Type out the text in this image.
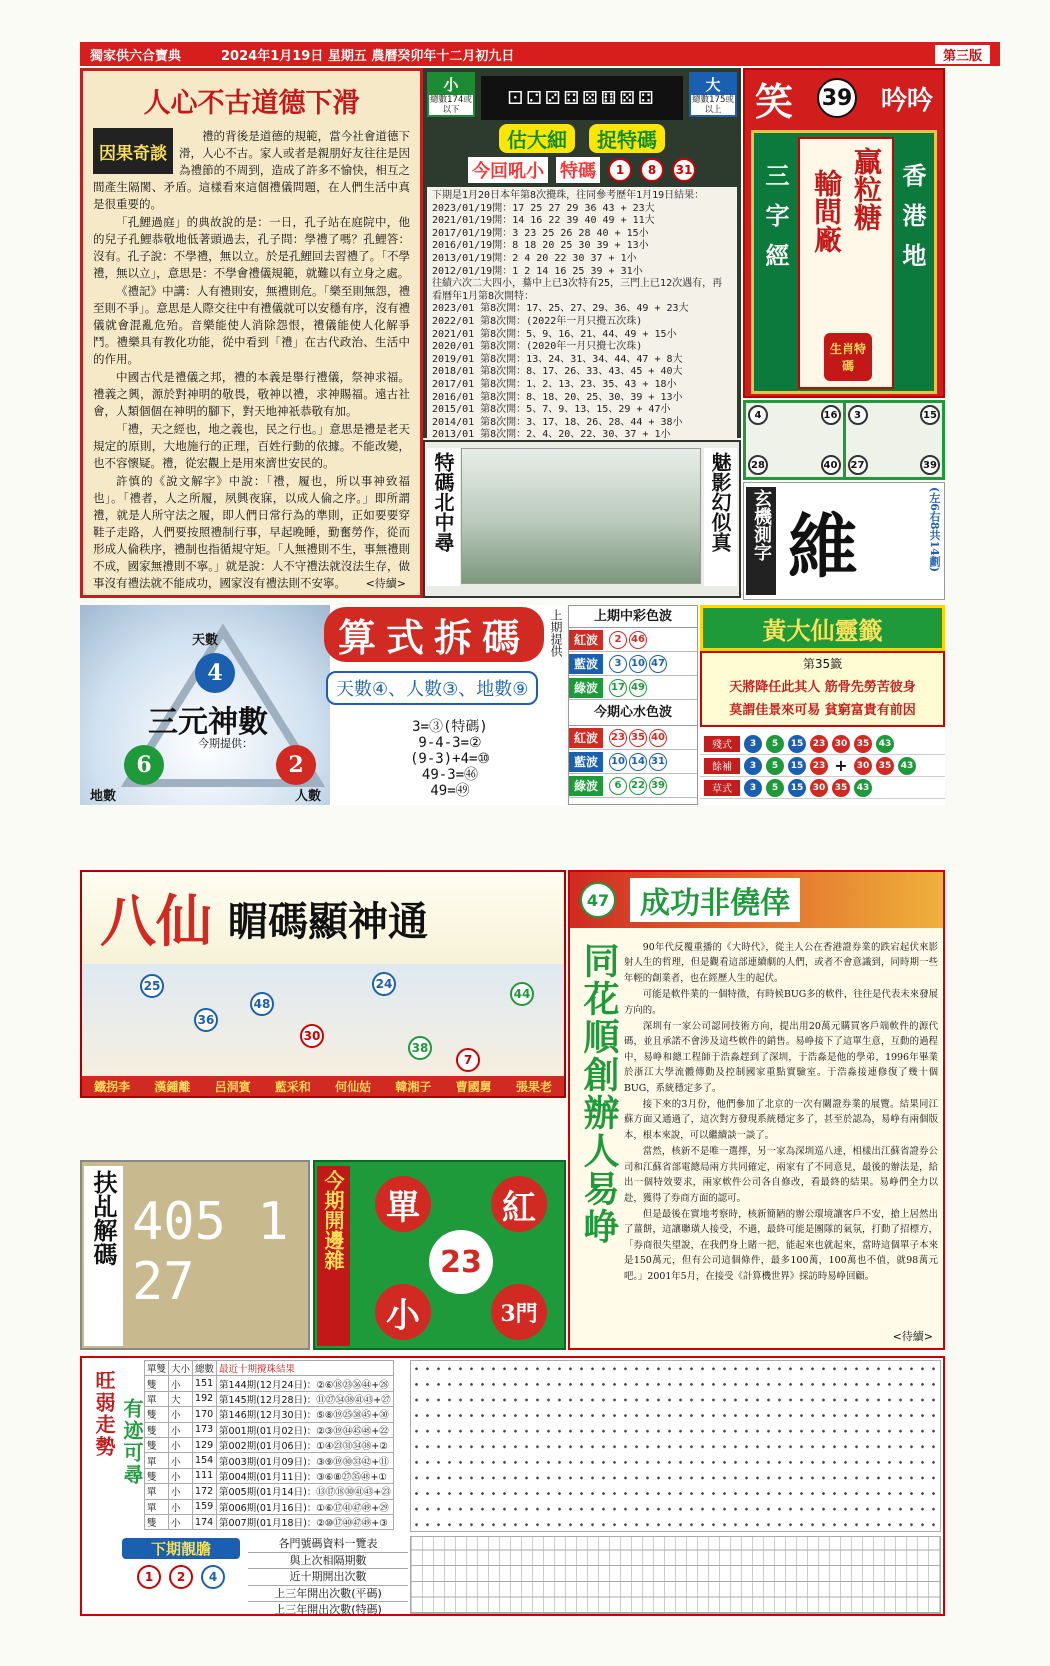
獨家供六合寶典	2024年1月19日 星期五 農曆癸卯年十二月初九日	第三版
人心不古道德下滑
因果奇談

禮的背後是道德的規範，當今社會道德下滑，人心不古。家人或者是親朋好友往往是因為禮節的不周到，造成了許多不愉快，相互之間產生隔閡、矛盾。這樣看來這個禮儀問題，在人們生活中真是很重要的。

「孔鯉過庭」的典故說的是：一日，孔子站在庭院中，他的兒子孔鯉恭敬地低著頭過去，孔子問：學禮了嗎？孔鯉答：沒有。孔子說：不學禮，無以立。於是孔鯉回去習禮了。「不學禮，無以立」，意思是：不學會禮儀規範，就難以有立身之處。

《禮記》中講：人有禮則安，無禮則危。「樂至則無怨，禮至則不爭」。意思是人際交往中有禮儀就可以安穩有序，沒有禮儀就會混亂危殆。音樂能使人消除怨恨，禮儀能使人化解爭鬥。禮樂具有教化功能，從中看到「禮」在古代政治、生活中的作用。

中國古代是禮儀之邦，禮的本義是舉行禮儀，祭神求福。禮義之興，源於對神明的敬畏，敬神以禮，求神賜福。遠古社會，人類個個在神明的腳下，對天地神祇恭敬有加。

「禮，天之經也，地之義也，民之行也。」意思是禮是老天規定的原則，大地施行的正理，百姓行動的依據。不能改變，也不容懷疑。禮，從宏觀上是用來濟世安民的。

許慎的《說文解字》中說：「禮，履也，所以事神致福也」。「禮者，人之所履，夙興夜寐，以成人倫之序。」即所謂禮，就是人所守法之履，即人們日常行為的準則，正如要要穿鞋子走路，人們要按照禮制行事，早起晚睡，勤奮勞作，從而形成人倫秩序，禮制也指循規守矩。「人無禮則不生，事無禮則不成，國家無禮則不寧。」就是說：人不守禮法就沒法生存，做事沒有禮法就不能成功，國家沒有禮法則不安寧。	<待續>
小
總數174或以下
⚀⚁⚂⚃⚄⚅⚄⚃
大
總數175或以上
估大細	捉特碼
今回吼小 特碼	1	8	31
下期是1月20日本年第8次攪珠，往同參考歷年1月19日結果：
2023/01/19開：17 25 27 29 36 43 + 23大
2021/01/19開：14 16 22 39 40 49 + 11大
2017/01/19開：3 23 25 26 28 40 + 15小
2016/01/19開：8 18 20 25 30 39 + 13小
2013/01/19開：2 4 20 22 30 37 + 1小
2012/01/19開：1 2 14 16 25 39 + 31小
往績六次二大四小，驀中上已3次特有25，三門上已12次遇有，再看曆年1月第8次開特：
2023/01 第8次開：17、25、27、29、36、49 + 23大
2022/01 第8次開：(2022年一月只攪五次珠)
2021/01 第8次開：5、9、16、21、44、49 + 15小
2020/01 第8次開：(2020年一月只攪七次珠)
2019/01 第8次開：13、24、31、34、44、47 + 8大
2018/01 第8次開：8、17、26、33、43、45 + 40大
2017/01 第8次開：1、2、13、23、35、43 + 18小
2016/01 第8次開：8、18、20、25、30、39 + 13小
2015/01 第8次開：5、7、9、13、15、29 + 47小
2014/01 第8次開：3、17、18、26、28、44 + 38小
2013/01 第8次開：2、4、20、22、30、37 + 1小
特碼北中尋	魅影幻似真
笑 39 吟吟
三字經 贏粒糖
輸間廠
生肖特碼
香港地
4	16
28	40
3	15
27	39
玄機測字 維	(左6右8共14劃)
4
6	2
天數
地數	人數
三元神數
今期提供：
算式拆碼	上期提供
天數④、人數③、地數⑨
3=③(特碼)
9-4-3=②
(9-3)+4=⑩
49-3=㊻
49=㊾
上期中彩色波
紅波	2 46
藍波	3 10 47
綠波	17 49
今期心水色波
紅波	23 35 40
藍波	10 14 31
綠波	6 22 39
黃大仙靈籤
第35籤
天將降任此其人 筋骨先勞苦彼身
莫謂佳景來可易 貧窮富貴有前因
殘式	3	5	15	23	30	35	43
餘補	3	5	15	23 +	30	35	43
草式	3	5	15	30	35	43
八仙 睸碼顯神通
25
36
48
30
24
38
44
7
鐵拐李 漢鍾離 呂洞賓 藍采和 何仙姑 韓湘子 曹國舅 張果老
扶乩解碼 405 127
今期開邊雜	單	紅
23
小	3門
47	成功非僥倖
同花順創辦人易峥	90年代反覆重播的《大時代》，從主人公在香港證券業的跌宕起伏來影射人生的哲理，但是觀看這部連續劇的人們，或者不會意識到，同時期一些年輕的創業者，也在經歷人生的起伏。

可能是軟件業的一個特徵，有時候BUG多的軟件，往往是代表未來發展方向的。

深圳有一家公司認同技術方向，提出用20萬元購買客戶端軟件的源代碼，並且承諾不會涉及這些軟件的銷售。易峥接下了這單生意，互動的過程中，易峥和總工程師于浩淼趕到了深圳，于浩淼是他的學弟，1996年畢業於浙江大學流體傳動及控制國家重點實驗室。于浩淼接連修復了幾十個BUG，系統穩定多了。

接下來的3月份，他們參加了北京的一次有關證券業的展覽。結果同江蘇方面又通過了，這次對方發現系統穩定多了，甚至於認為，易峥有兩個版本，根本來說，可以繼續談一談了。

當然，核新不是唯一選擇，另一家為深圳巡八達，相樣出江蘇省證券公司和江蘇省部電總局兩方共同確定，兩家有了不同意見，最後的辦法是，給出一個特效要求，兩家軟件公司各自修改，看最終的結果。易峥們全力以赴，獲得了券商方面的認可。

但是最後在實地考察時，核新簡陋的辦公環境讓客戶不安，搶上居然出了薑餅，這讓聯璜人接受，不過，最終可能是團隊的氣氛，打動了招標方，「券商很失望說，在我們身上賭一把，能起來也就起來，當時這個單子本來是150萬元，但有公司這個條件，最多100萬，100萬也不值，就98萬元吧。」2001年5月，在接受《計算機世界》採訪時易峥回顧。

<待續>
旺弱走勢 有迹可尋
單雙	大小	總數	最近十期攪珠結果
雙	小	151	第144期(12月24日)：②⑥⑱㉓㊱㊹+㉘
單	大	192	第145期(12月28日)：⑪㉗㉞㊳㊶㊸+㉗
雙	小	170	第146期(12月30日)：⑤⑧⑲㉕㊳㊺+㉚
雙	小	173	第001期(01月02日)：②③⑲㉞㊺㊽+㉒
雙	小	129	第002期(01月06日)：①④㉓㉛㉞㊳+②
單	小	154	第003期(01月09日)：③⑨⑲㉚㉝㊷+⑪
雙	小	111	第004期(01月11日)：③⑥⑧㉗㉟㊽+①
單	小	172	第005期(01月14日)：⑬⑰⑱㉚㊶㊸+㉓
單	小	159	第006期(01月16日)：①⑥⑰㊶㊼㊾+㉙
雙	小	174	第007期(01月18日)：②⑩⑰㊵㊼㊾+③
下期靚膽
1	2	4
各門號碼資料一覽表
與上次相隔期數
近十期開出次數
上三年開出次數(平碼)
上三年開出次數(特碼)
